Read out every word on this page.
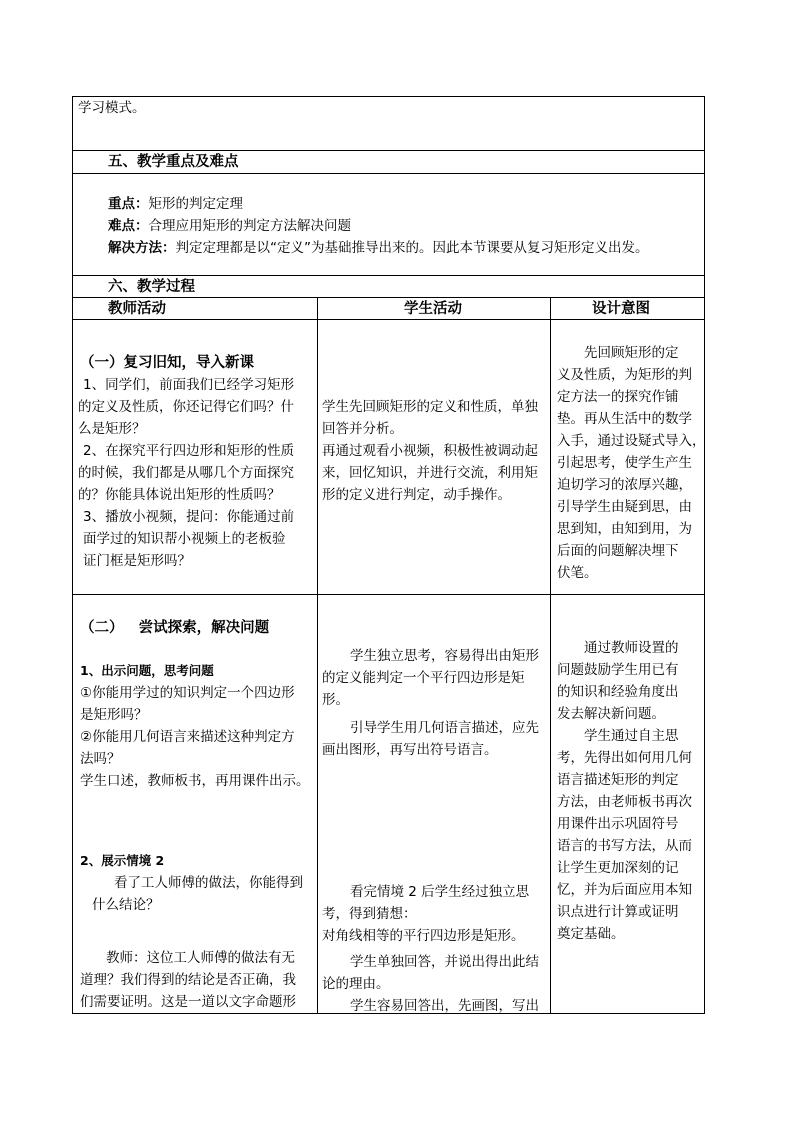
学习模式。
五、教学重点及难点
重点：矩形的判定定理
难点：合理应用矩形的判定方法解决问题
解决方法：判定定理都是以“定义”为基础推导出来的。因此本节课要从复习矩形定义出发。
六、教学过程
教师活动	学生活动	设计意图
（一）复习旧知，导入新课
1、同学们，前面我们已经学习矩形
的定义及性质，你还记得它们吗？什
么是矩形？
2、在探究平行四边形和矩形的性质
的时候，我们都是从哪几个方面探究
的？你能具体说出矩形的性质吗？
3、播放小视频，提问：你能通过前
面学过的知识帮小视频上的老板验
证门框是矩形吗？
学生先回顾矩形的定义和性质，单独
回答并分析。
再通过观看小视频，积极性被调动起
来，回忆知识，并进行交流，利用矩
形的定义进行判定，动手操作。
先回顾矩形的定
义及性质，为矩形的判
定方法一的探究作铺
垫。再从生活中的数学
入手，通过设疑式导入，
引起思考，使学生产生
迫切学习的浓厚兴趣，
引导学生由疑到思，由
思到知，由知到用，为
后面的问题解决埋下
伏笔。
（二）   尝试探索，解决问题
1、出示问题，思考问题
①你能用学过的知识判定一个四边形
是矩形吗？
②你能用几何语言来描述这种判定方
法吗？
学生口述，教师板书，再用课件出示。
2、展示情境 2
看了工人师傅的做法，你能得到
什么结论？
教师：这位工人师傅的做法有无
道理？我们得到的结论是否正确，我
们需要证明。这是一道以文字命题形
学生独立思考，容易得出由矩形
的定义能判定一个平行四边形是矩
形。
引导学生用几何语言描述，应先
画出图形，再写出符号语言。
看完情境 2 后学生经过独立思
考，得到猜想：
对角线相等的平行四边形是矩形。
学生单独回答，并说出得出此结
论的理由。
学生容易回答出，先画图，写出
通过教师设置的
问题鼓励学生用已有
的知识和经验角度出
发去解决新问题。
学生通过自主思
考，先得出如何用几何
语言描述矩形的判定
方法，由老师板书再次
用课件出示巩固符号
语言的书写方法，从而
让学生更加深刻的记
忆，并为后面应用本知
识点进行计算或证明
奠定基础。
